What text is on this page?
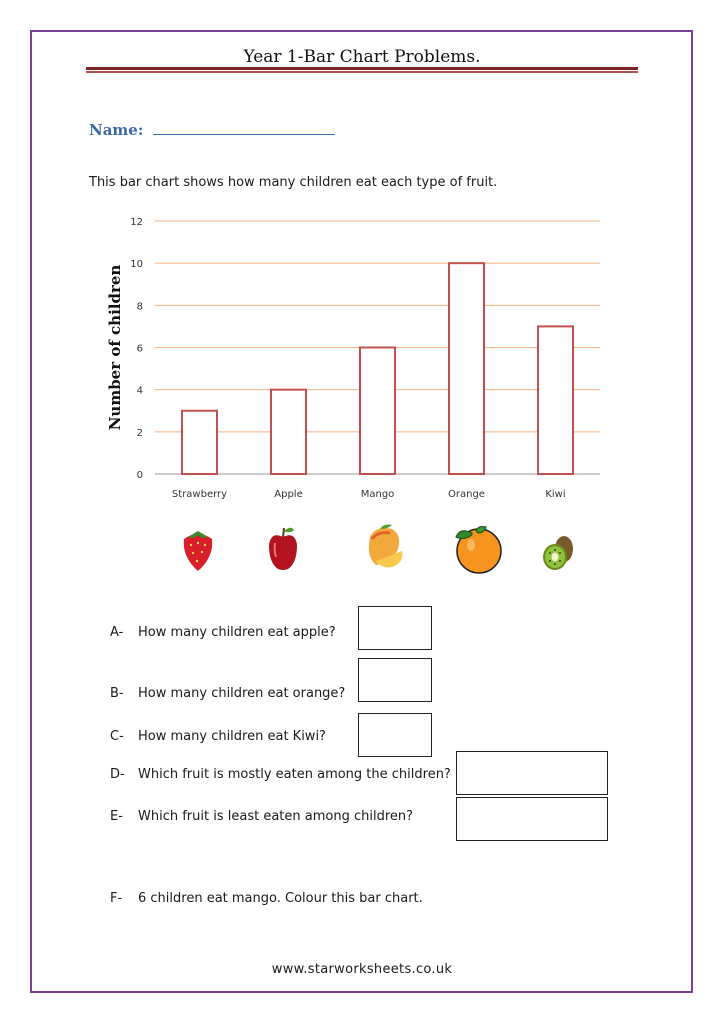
Year 1-Bar Chart Problems.
Name:
This bar chart shows how many children eat each type of fruit.
0
2
4
6
8
10
12
Strawberry	Apple	Mango	Orange	Kiwi
Number of children
A- How many children eat apple?
B- How many children eat orange?
C- How many children eat Kiwi?
D- Which fruit is mostly eaten among the children?
E- Which fruit is least eaten among children?
F- 6 children eat mango. Colour this bar chart.
www.starworksheets.co.uk
